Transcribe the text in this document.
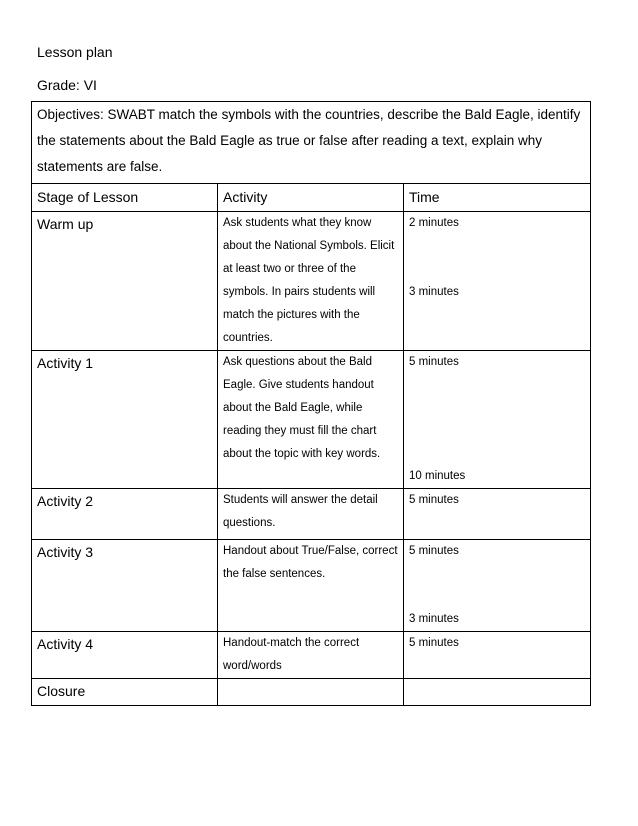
Lesson plan
Grade: VI
Objectives: SWABT match the symbols with the countries, describe the Bald Eagle, identify the statements about the Bald Eagle as true or false after reading a text, explain why statements are false.		
Stage of Lesson	Activity	Time
Warm up	Ask students what they know about the National Symbols. Elicit at least two or three of the symbols. In pairs students will match the pictures with the countries.	2 minutes
3 minutes

Activity 1	Ask questions about the Bald Eagle. Give students handout about the Bald Eagle, while reading they must fill the chart about the topic with key words.	5 minutes
10 minutes

Activity 2	Students will answer the detail questions.	5 minutes

Activity 3	Handout about True/False, correct the false sentences.	5 minutes
3 minutes

Activity 4	Handout-match the correct word/words	5 minutes

Closure		
